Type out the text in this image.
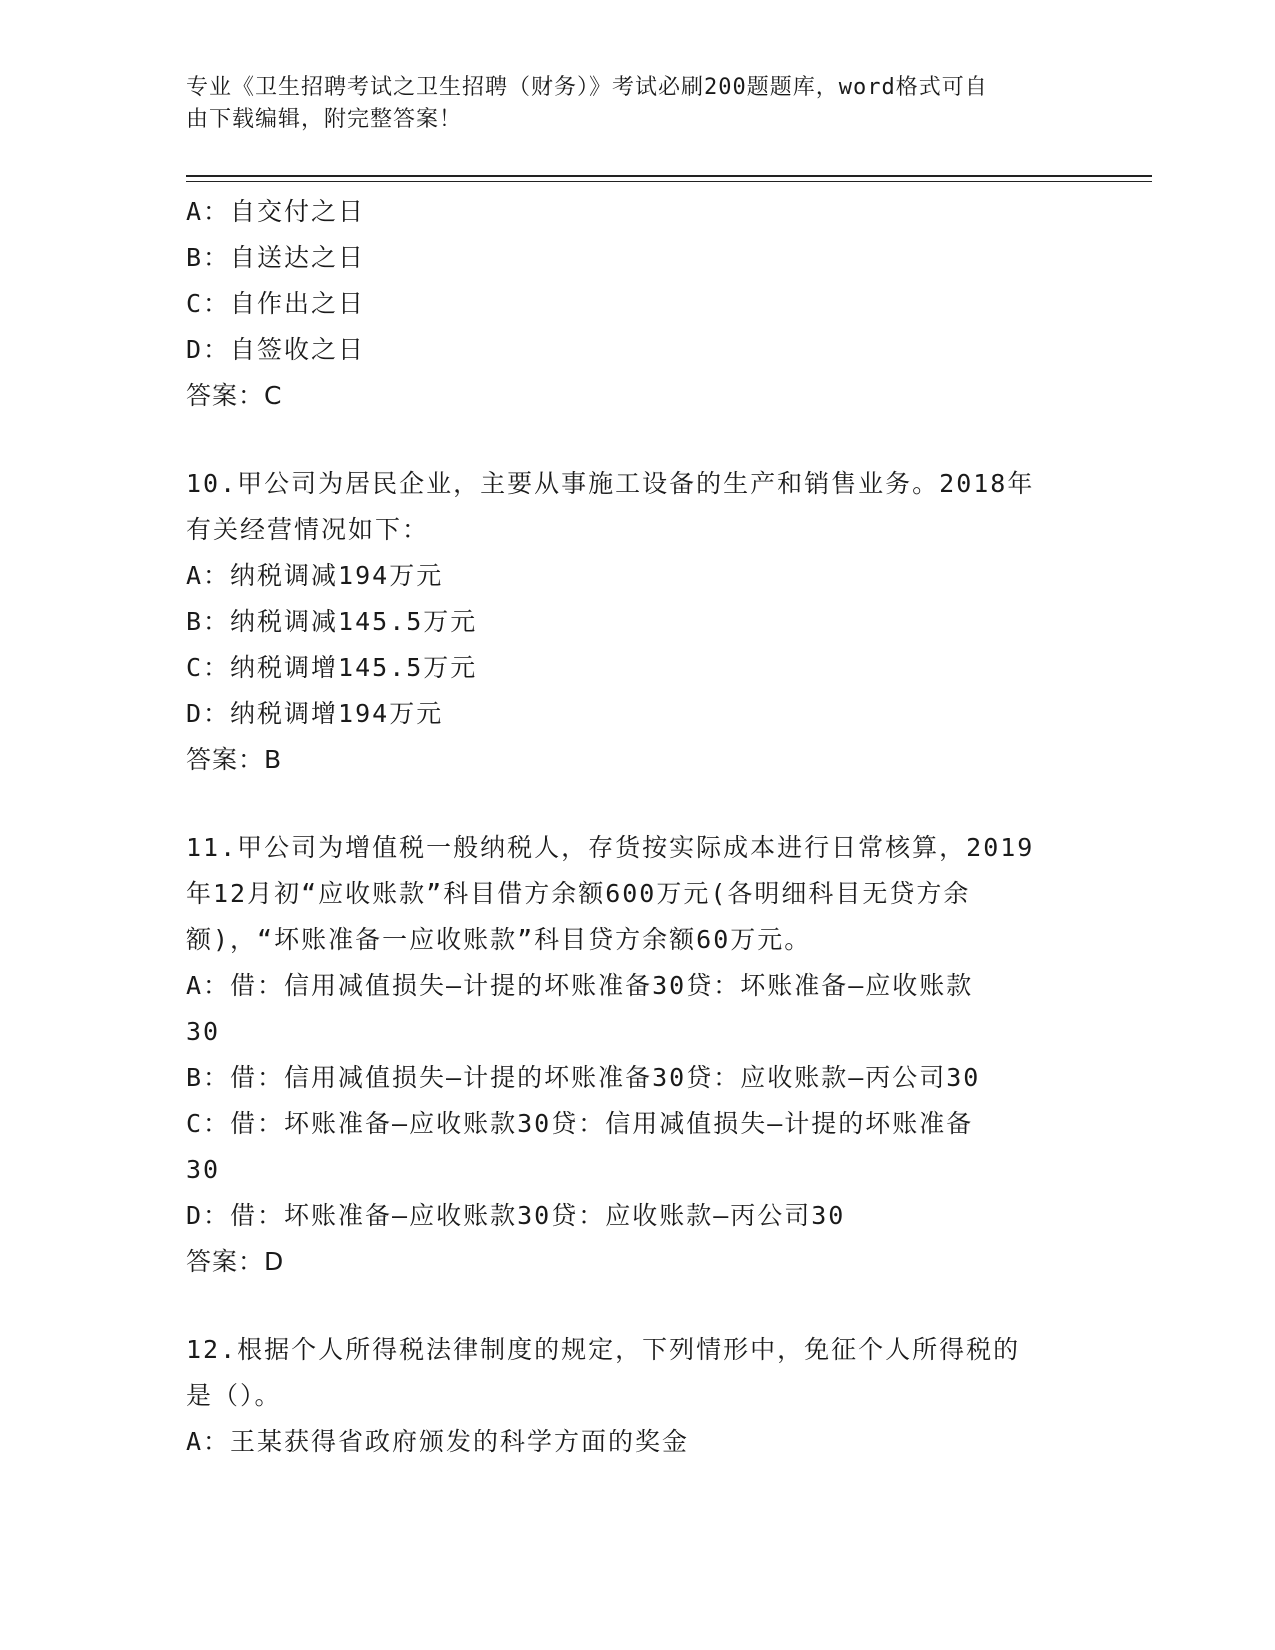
专业《卫生招聘考试之卫生招聘（财务）》考试必刷200题题库，word格式可自
由下载编辑，附完整答案！
A：自交付之日
B：自送达之日
C：自作出之日
D：自签收之日
答案：C
10.甲公司为居民企业，主要从事施工设备的生产和销售业务。2018年
有关经营情况如下：
A：纳税调减194万元
B：纳税调减145.5万元
C：纳税调增145.5万元
D：纳税调增194万元
答案：B
11.甲公司为增值税一般纳税人，存货按实际成本进行日常核算，2019
年12月初“应收账款”科目借方余额600万元(各明细科目无贷方余
额)，“坏账准备一应收账款”科目贷方余额60万元。
A：借：信用减值损失—计提的坏账准备30贷：坏账准备—应收账款
30
B：借：信用减值损失—计提的坏账准备30贷：应收账款—丙公司30
C：借：坏账准备—应收账款30贷：信用减值损失—计提的坏账准备
30
D：借：坏账准备—应收账款30贷：应收账款—丙公司30
答案：D
12.根据个人所得税法律制度的规定，下列情形中，免征个人所得税的
是（）。
A：王某获得省政府颁发的科学方面的奖金
